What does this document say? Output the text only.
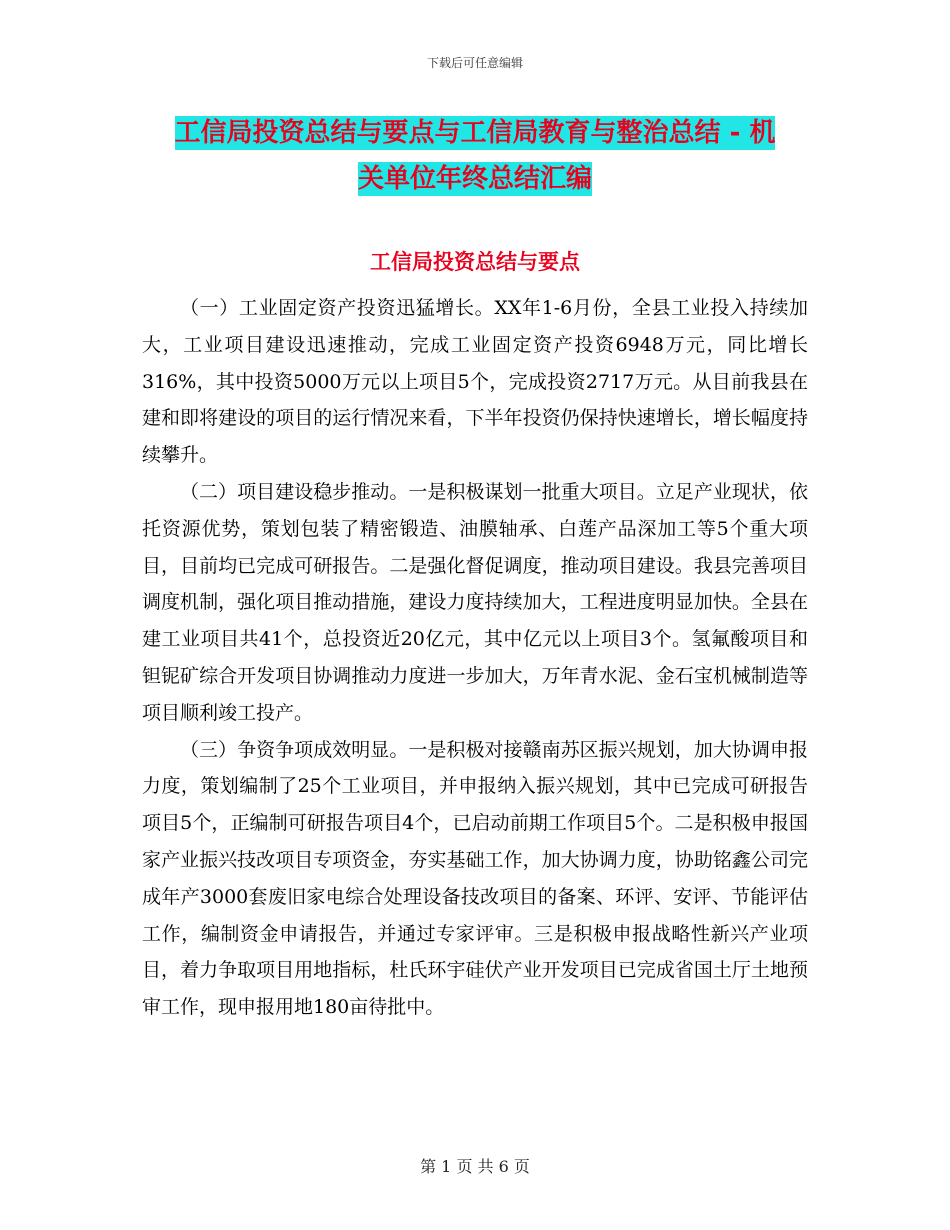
下载后可任意编辑
工信局投资总结与要点与工信局教育与整治总结 - 机
关单位年终总结汇编
工信局投资总结与要点

（一）工业固定资产投资迅猛增长。XX年1-6月份，全县工业投入持续加大，工业项目建设迅速推动，完成工业固定资产投资6948万元，同比增长316%，其中投资5000万元以上项目5个，完成投资2717万元。从目前我县在建和即将建设的项目的运行情况来看，下半年投资仍保持快速增长，增长幅度持续攀升。

（二）项目建设稳步推动。一是积极谋划一批重大项目。立足产业现状，依托资源优势，策划包装了精密锻造、油膜轴承、白莲产品深加工等5个重大项目，目前均已完成可研报告。二是强化督促调度，推动项目建设。我县完善项目调度机制，强化项目推动措施，建设力度持续加大，工程进度明显加快。全县在建工业项目共41个，总投资近20亿元，其中亿元以上项目3个。氢氟酸项目和钽铌矿综合开发项目协调推动力度进一步加大，万年青水泥、金石宝机械制造等项目顺利竣工投产。

（三）争资争项成效明显。一是积极对接赣南苏区振兴规划，加大协调申报力度，策划编制了25个工业项目，并申报纳入振兴规划，其中已完成可研报告项目5个，正编制可研报告项目4个，已启动前期工作项目5个。二是积极申报国家产业振兴技改项目专项资金，夯实基础工作，加大协调力度，协助铭鑫公司完成年产3000套废旧家电综合处理设备技改项目的备案、环评、安评、节能评估工作，编制资金申请报告，并通过专家评审。三是积极申报战略性新兴产业项目，着力争取项目用地指标，杜氏环宇硅伏产业开发项目已完成省国土厅土地预审工作，现申报用地180亩待批中。

第 1 页 共 6 页
